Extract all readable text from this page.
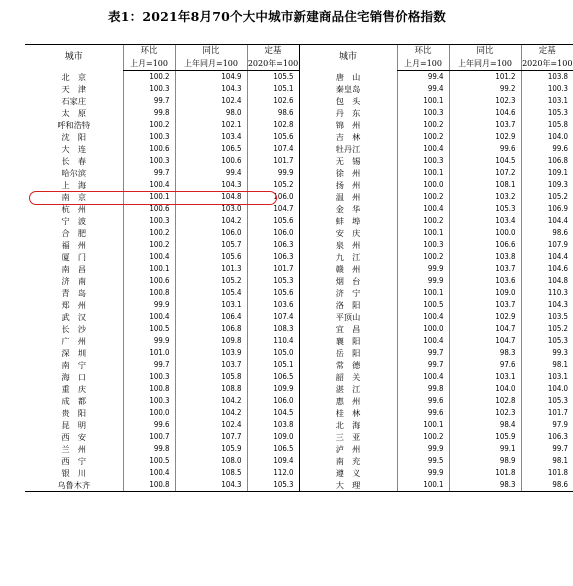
表1：2021年8月70个大中城市新建商品住宅销售价格指数
城市	环比	同比	定基	城市	环比	同比	定基
	上月=100	上年同月=100	2020年=100		上月=100	上年同月=100	2020年=100
北　京	100.2	104.9	105.5	唐　山	99.4	101.2	103.8
天　津	100.3	104.3	105.1	秦皇岛	99.4	99.2	100.3
石家庄	99.7	102.4	102.6	包　头	100.1	102.3	103.1
太　原	99.8	98.0	98.6	丹　东	100.3	104.6	105.3
呼和浩特	100.2	102.1	102.8	锦　州	100.2	103.7	105.8
沈　阳	100.3	103.4	105.6	吉　林	100.2	102.9	104.0
大　连	100.6	106.5	107.4	牡丹江	100.4	99.6	99.6
长　春	100.3	100.6	101.7	无　锡	100.3	104.5	106.8
哈尔滨	99.7	99.4	99.9	徐　州	100.1	107.2	109.1
上　海	100.4	104.3	105.2	扬　州	100.0	108.1	109.3
南　京	100.1	104.8	106.0	温　州	100.2	103.2	105.2
杭　州	100.6	103.0	104.7	金　华	100.4	105.3	106.9
宁　波	100.3	104.2	105.6	蚌　埠	100.2	103.4	104.4
合　肥	100.2	106.0	106.0	安　庆	100.1	100.0	98.6
福　州	100.2	105.7	106.3	泉　州	100.3	106.6	107.9
厦　门	100.4	105.6	106.3	九　江	100.2	103.8	104.4
南　昌	100.1	101.3	101.7	赣　州	99.9	103.7	104.6
济　南	100.6	105.2	105.3	烟　台	99.9	103.6	104.8
青　岛	100.8	105.4	105.6	济　宁	100.1	109.0	110.3
郑　州	99.9	103.1	103.6	洛　阳	100.5	103.7	104.3
武　汉	100.4	106.4	107.4	平顶山	100.4	102.9	103.5
长　沙	100.5	106.8	108.3	宜　昌	100.0	104.7	105.2
广　州	99.9	109.8	110.4	襄　阳	100.4	104.7	105.3
深　圳	101.0	103.9	105.0	岳　阳	99.7	98.3	99.3
南　宁	99.7	103.7	105.1	常　德	99.7	97.6	98.1
海　口	100.3	105.8	106.5	韶　关	100.4	103.1	103.1
重　庆	100.8	108.8	109.9	湛　江	99.8	104.0	104.0
成　都	100.3	104.2	106.0	惠　州	99.6	102.8	105.3
贵　阳	100.0	104.2	104.5	桂　林	99.6	102.3	101.7
昆　明	99.6	102.4	103.8	北　海	100.1	98.4	97.9
西　安	100.7	107.7	109.0	三　亚	100.2	105.9	106.3
兰　州	99.8	105.9	106.5	泸　州	99.9	99.1	99.7
西　宁	100.5	108.0	109.4	南　充	99.5	98.9	98.1
银　川	100.4	108.5	112.0	遵　义	99.9	101.8	101.8
乌鲁木齐	100.8	104.3	105.3	大　理	100.1	98.3	98.6
